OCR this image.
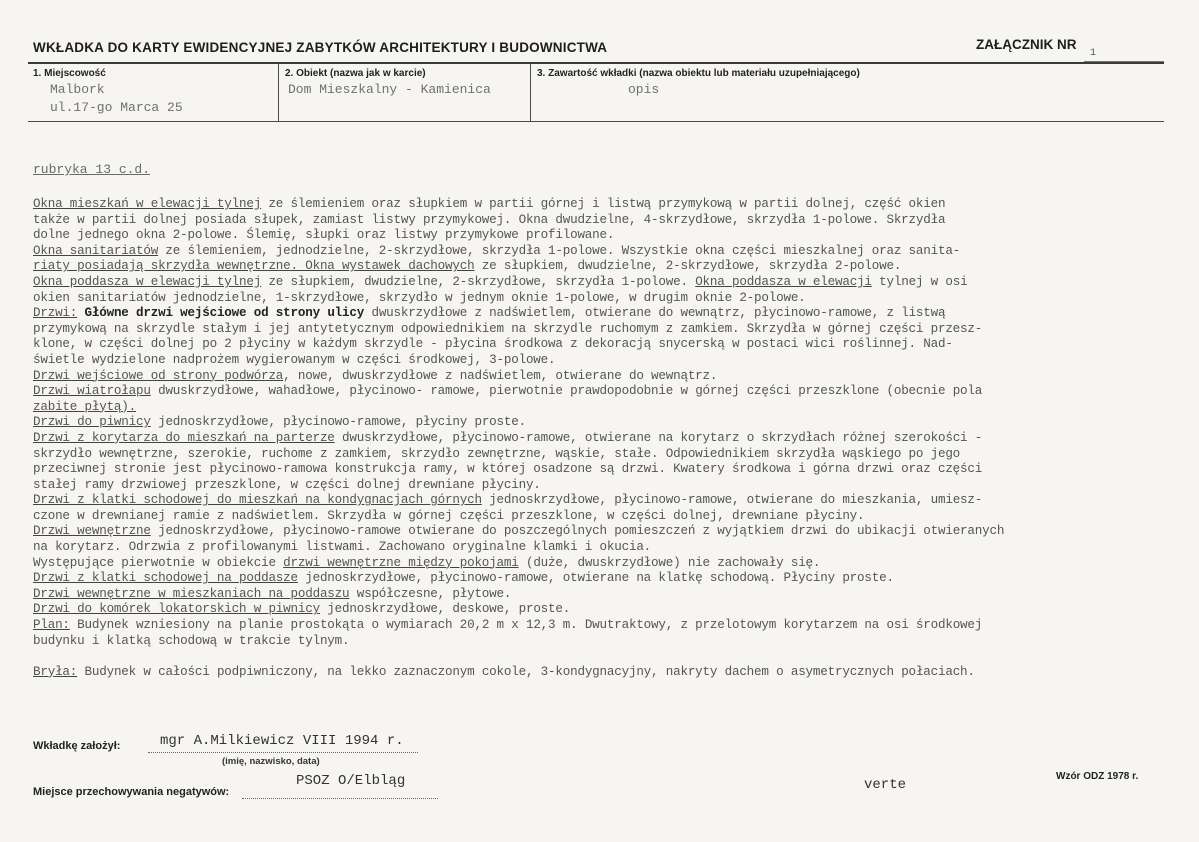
WKŁADKA DO KARTY EWIDENCYJNEJ ZABYTKÓW ARCHITEKTURY I BUDOWNICTWA	ZAŁĄCZNIK NR
1
1. Miejscowość	2. Obiekt (nazwa jak w karcie)	3. Zawartość wkładki (nazwa obiektu lub materiału uzupełniającego)
Malbork
ul.17-go Marca 25
Dom Mieszkalny - Kamienica	opis
rubryka 13 c.d.
Okna mieszkań w elewacji tylnej ze ślemieniem oraz słupkiem w partii górnej i listwą przymykową w partii dolnej, część okien
także w partii dolnej posiada słupek, zamiast listwy przymykowej. Okna dwudzielne, 4-skrzydłowe, skrzydła 1-polowe. Skrzydła
dolne jednego okna 2-polowe. Ślemię, słupki oraz listwy przymykowe profilowane.
Okna sanitariatów ze ślemieniem, jednodzielne, 2-skrzydłowe, skrzydła 1-polowe. Wszystkie okna części mieszkalnej oraz sanita-
riaty posiadają skrzydła wewnętrzne. Okna wystawek dachowych ze słupkiem, dwudzielne, 2-skrzydłowe, skrzydła 2-polowe.
Okna poddasza w elewacji tylnej ze słupkiem, dwudzielne, 2-skrzydłowe, skrzydła 1-polowe. Okna poddasza w elewacji tylnej w osi
okien sanitariatów jednodzielne, 1-skrzydłowe, skrzydło w jednym oknie 1-polowe, w drugim oknie 2-polowe.
Drzwi: Główne drzwi wejściowe od strony ulicy dwuskrzydłowe z nadświetlem, otwierane do wewnątrz, płycinowo-ramowe, z listwą
przymykową na skrzydle stałym i jej antytetycznym odpowiednikiem na skrzydle ruchomym z zamkiem. Skrzydła w górnej części przesz-
klone, w części dolnej po 2 płyciny w każdym skrzydle - płycina środkowa z dekoracją snycerską w postaci wici roślinnej. Nad-
świetle wydzielone nadprożem wygierowanym w części środkowej, 3-polowe.
Drzwi wejściowe od strony podwórza, nowe, dwuskrzydłowe z nadświetlem, otwierane do wewnątrz.
Drzwi wiatrołapu dwuskrzydłowe, wahadłowe, płycinowo- ramowe, pierwotnie prawdopodobnie w górnej części przeszklone (obecnie pola
zabite płytą).
Drzwi do piwnicy jednoskrzydłowe, płycinowo-ramowe, płyciny proste.
Drzwi z korytarza do mieszkań na parterze dwuskrzydłowe, płycinowo-ramowe, otwierane na korytarz o skrzydłach różnej szerokości -
skrzydło wewnętrzne, szerokie, ruchome z zamkiem, skrzydło zewnętrzne, wąskie, stałe. Odpowiednikiem skrzydła wąskiego po jego
przeciwnej stronie jest płycinowo-ramowa konstrukcja ramy, w której osadzone są drzwi. Kwatery środkowa i górna drzwi oraz części
stałej ramy drzwiowej przeszklone, w części dolnej drewniane płyciny.
Drzwi z klatki schodowej do mieszkań na kondygnacjach górnych jednoskrzydłowe, płycinowo-ramowe, otwierane do mieszkania, umiesz-
czone w drewnianej ramie z nadświetlem. Skrzydła w górnej części przeszklone, w części dolnej, drewniane płyciny.
Drzwi wewnętrzne jednoskrzydłowe, płycinowo-ramowe otwierane do poszczególnych pomieszczeń z wyjątkiem drzwi do ubikacji otwieranych
na korytarz. Odrzwia z profilowanymi listwami. Zachowano oryginalne klamki i okucia.
Występujące pierwotnie w obiekcie drzwi wewnętrzne między pokojami (duże, dwuskrzydłowe) nie zachowały się.
Drzwi z klatki schodowej na poddasze jednoskrzydłowe, płycinowo-ramowe, otwierane na klatkę schodową. Płyciny proste.
Drzwi wewnętrzne w mieszkaniach na poddaszu współczesne, płytowe.
Drzwi do komórek lokatorskich w piwnicy jednoskrzydłowe, deskowe, proste.
Plan: Budynek wzniesiony na planie prostokąta o wymiarach 20,2 m x 12,3 m. Dwutraktowy, z przelotowym korytarzem na osi środkowej
budynku i klatką schodową w trakcie tylnym.
Bryła: Budynek w całości podpiwniczony, na lekko zaznaczonym cokole, 3-kondygnacyjny, nakryty dachem o asymetrycznych połaciach.
Wkładkę założył:	mgr A.Milkiewicz VIII 1994 r.
(imię, nazwisko, data)
Miejsce przechowywania negatywów:
PSOZ O/Elbląg	verte
Wzór ODZ 1978 r.
